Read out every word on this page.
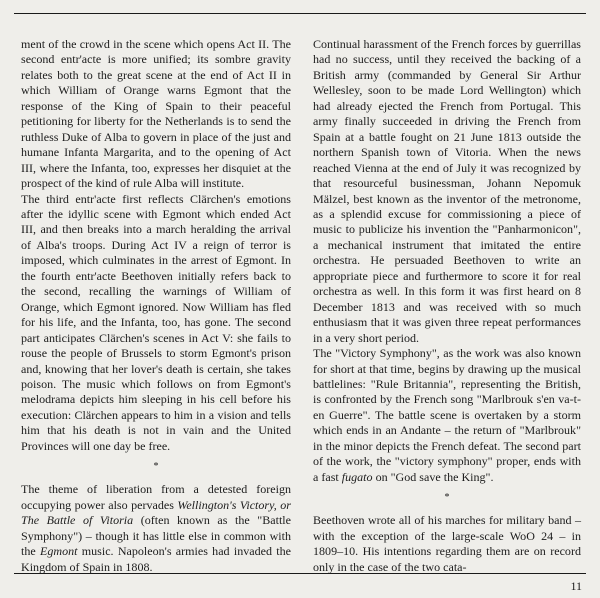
ment of the crowd in the scene which opens Act II. The second entr'acte is more unified; its sombre gravity relates both to the great scene at the end of Act II in which William of Orange warns Egmont that the response of the King of Spain to their peaceful petitioning for liberty for the Netherlands is to send the ruthless Duke of Alba to govern in place of the just and humane Infanta Margarita, and to the opening of Act III, where the Infanta, too, expresses her disquiet at the prospect of the kind of rule Alba will institute.

The third entr'acte first reflects Clärchen's emotions after the idyllic scene with Egmont which ended Act III, and then breaks into a march heralding the arrival of Alba's troops. During Act IV a reign of terror is imposed, which culminates in the arrest of Egmont. In the fourth entr'acte Beethoven initially refers back to the second, recalling the warnings of William of Orange, which Egmont ignored. Now William has fled for his life, and the Infanta, too, has gone. The second part anticipates Clärchen's scenes in Act V: she fails to rouse the people of Brussels to storm Egmont's prison and, knowing that her lover's death is certain, she takes poison. The music which follows on from Egmont's melodrama depicts him sleeping in his cell before his execution: Clärchen appears to him in a vision and tells him that his death is not in vain and the United Provinces will one day be free.

*

The theme of liberation from a detested foreign occupying power also pervades Wellington's Victory, or The Battle of Vitoria (often known as the "Battle Symphony") – though it has little else in common with the Egmont music. Napoleon's armies had invaded the Kingdom of Spain in 1808.

Continual harassment of the French forces by guerrillas had no success, until they received the backing of a British army (commanded by General Sir Arthur Wellesley, soon to be made Lord Wellington) which had already ejected the French from Portugal. This army finally succeeded in driving the French from Spain at a battle fought on 21 June 1813 outside the northern Spanish town of Vitoria. When the news reached Vienna at the end of July it was recognized by that resourceful businessman, Johann Nepomuk Mälzel, best known as the inventor of the metronome, as a splendid excuse for commissioning a piece of music to publicize his invention the "Panharmonicon", a mechanical instrument that imitated the entire orchestra. He persuaded Beethoven to write an appropriate piece and furthermore to score it for real orchestra as well. In this form it was first heard on 8 December 1813 and was received with so much enthusiasm that it was given three repeat performances in a very short period.

The "Victory Symphony", as the work was also known for short at that time, begins by drawing up the musical battlelines: "Rule Britannia", representing the British, is confronted by the French song "Marlbrouk s'en va-t-en Guerre". The battle scene is overtaken by a storm which ends in an Andante – the return of "Marlbrouk" in the minor depicts the French defeat. The second part of the work, the "victory symphony" proper, ends with a fast fugato on "God save the King".

*

Beethoven wrote all of his marches for military band – with the exception of the large-scale WoO 24 – in 1809–10. His intentions regarding them are on record only in the case of the two cata-

11
